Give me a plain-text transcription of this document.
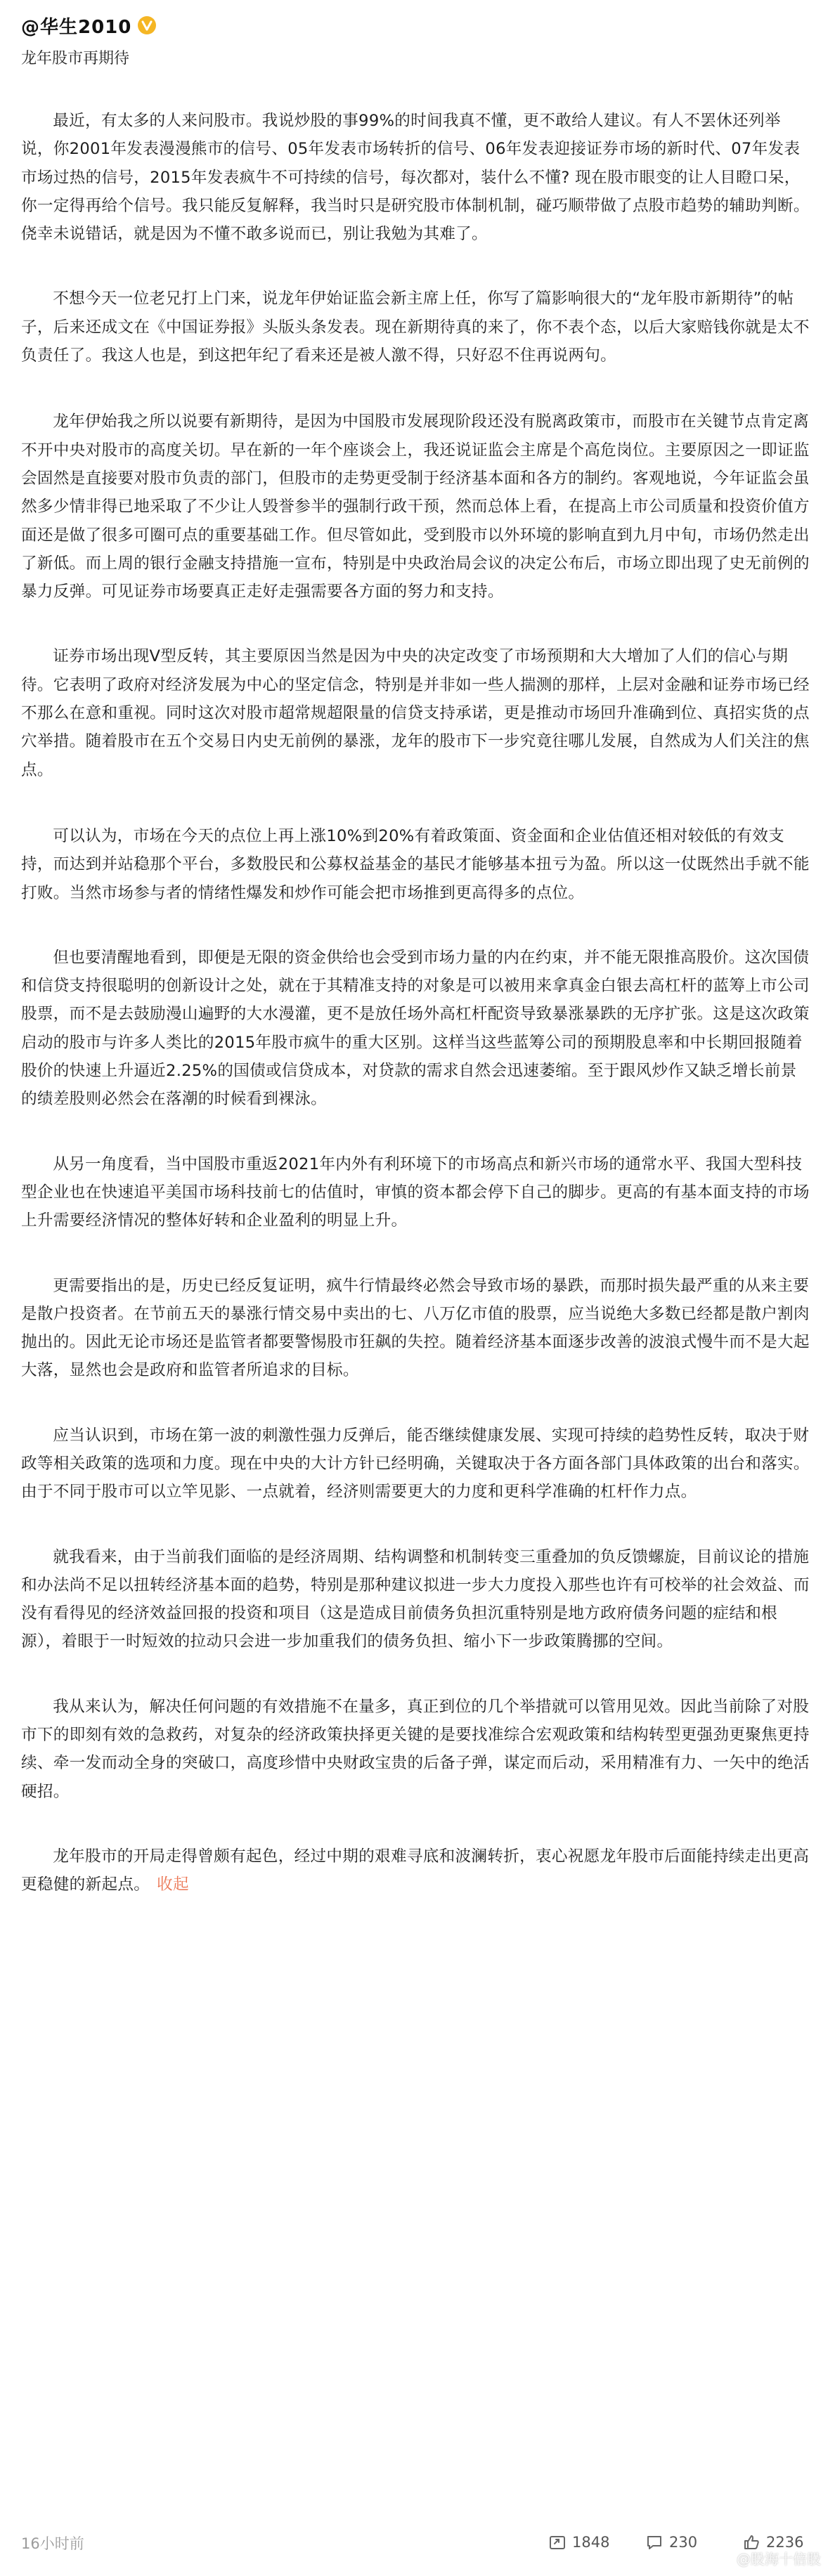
@华生2010
龙年股市再期待

最近，有太多的人来问股市。我说炒股的事99%的时间我真不懂，更不敢给人建议。有人不罢休还列举说，你2001年发表漫漫熊市的信号、05年发表市场转折的信号、06年发表迎接证券市场的新时代、07年发表市场过热的信号，2015年发表疯牛不可持续的信号，每次都对，装什么不懂? 现在股市眼变的让人目瞪口呆，你一定得再给个信号。我只能反复解释，我当时只是研究股市体制机制，碰巧顺带做了点股市趋势的辅助判断。侥幸未说错话，就是因为不懂不敢多说而已，别让我勉为其难了。

不想今天一位老兄打上门来，说龙年伊始证监会新主席上任，你写了篇影响很大的“龙年股市新期待”的帖子，后来还成文在《中国证券报》头版头条发表。现在新期待真的来了，你不表个态，以后大家赔钱你就是太不负责任了。我这人也是，到这把年纪了看来还是被人激不得，只好忍不住再说两句。

龙年伊始我之所以说要有新期待，是因为中国股市发展现阶段还没有脱离政策市，而股市在关键节点肯定离不开中央对股市的高度关切。早在新的一年个座谈会上，我还说证监会主席是个高危岗位。主要原因之一即证监会固然是直接要对股市负责的部门，但股市的走势更受制于经济基本面和各方的制约。客观地说，今年证监会虽然多少情非得已地采取了不少让人毁誉参半的强制行政干预，然而总体上看，在提高上市公司质量和投资价值方面还是做了很多可圈可点的重要基础工作。但尽管如此，受到股市以外环境的影响直到九月中旬，市场仍然走出了新低。而上周的银行金融支持措施一宣布，特别是中央政治局会议的决定公布后，市场立即出现了史无前例的暴力反弹。可见证券市场要真正走好走强需要各方面的努力和支持。

证券市场出现V型反转，其主要原因当然是因为中央的决定改变了市场预期和大大增加了人们的信心与期待。它表明了政府对经济发展为中心的坚定信念，特别是并非如一些人揣测的那样，上层对金融和证券市场已经不那么在意和重视。同时这次对股市超常规超限量的信贷支持承诺，更是推动市场回升准确到位、真招实货的点穴举措。随着股市在五个交易日内史无前例的暴涨，龙年的股市下一步究竟往哪儿发展，自然成为人们关注的焦点。

可以认为，市场在今天的点位上再上涨10%到20%有着政策面、资金面和企业估值还相对较低的有效支持，而达到并站稳那个平台，多数股民和公募权益基金的基民才能够基本扭亏为盈。所以这一仗既然出手就不能打败。当然市场参与者的情绪性爆发和炒作可能会把市场推到更高得多的点位。

但也要清醒地看到，即便是无限的资金供给也会受到市场力量的内在约束，并不能无限推高股价。这次国债和信贷支持很聪明的创新设计之处，就在于其精准支持的对象是可以被用来拿真金白银去高杠杆的蓝筹上市公司股票，而不是去鼓励漫山遍野的大水漫灌，更不是放任场外高杠杆配资导致暴涨暴跌的无序扩张。这是这次政策启动的股市与许多人类比的2015年股市疯牛的重大区别。这样当这些蓝筹公司的预期股息率和中长期回报随着股价的快速上升逼近2.25%的国债或信贷成本，对贷款的需求自然会迅速萎缩。至于跟风炒作又缺乏增长前景的绩差股则必然会在落潮的时候看到裸泳。

从另一角度看，当中国股市重返2021年内外有利环境下的市场高点和新兴市场的通常水平、我国大型科技型企业也在快速追平美国市场科技前七的估值时，审慎的资本都会停下自己的脚步。更高的有基本面支持的市场上升需要经济情况的整体好转和企业盈利的明显上升。

更需要指出的是，历史已经反复证明，疯牛行情最终必然会导致市场的暴跌，而那时损失最严重的从来主要是散户投资者。在节前五天的暴涨行情交易中卖出的七、八万亿市值的股票，应当说绝大多数已经都是散户割肉抛出的。因此无论市场还是监管者都要警惕股市狂飙的失控。随着经济基本面逐步改善的波浪式慢牛而不是大起大落，显然也会是政府和监管者所追求的目标。

应当认识到，市场在第一波的刺激性强力反弹后，能否继续健康发展、实现可持续的趋势性反转，取决于财政等相关政策的选项和力度。现在中央的大计方针已经明确，关键取决于各方面各部门具体政策的出台和落实。由于不同于股市可以立竿见影、一点就着，经济则需要更大的力度和更科学准确的杠杆作力点。

就我看来，由于当前我们面临的是经济周期、结构调整和机制转变三重叠加的负反馈螺旋，目前议论的措施和办法尚不足以扭转经济基本面的趋势，特别是那种建议拟进一步大力度投入那些也许有可校举的社会效益、而没有看得见的经济效益回报的投资和项目（这是造成目前债务负担沉重特别是地方政府债务问题的症结和根源），着眼于一时短效的拉动只会进一步加重我们的债务负担、缩小下一步政策腾挪的空间。

我从来认为，解决任何问题的有效措施不在量多，真正到位的几个举措就可以管用见效。因此当前除了对股市下的即刻有效的急救药，对复杂的经济政策抉择更关键的是要找准综合宏观政策和结构转型更强劲更聚焦更持续、牵一发而动全身的突破口，高度珍惜中央财政宝贵的后备子弹，谋定而后动，采用精准有力、一矢中的绝活硬招。

龙年股市的开局走得曾颇有起色，经过中期的艰难寻底和波澜转折，衷心祝愿龙年股市后面能持续走出更高更稳健的新起点。 收起

16小时前	1848	230	2236
@股海十倍股
